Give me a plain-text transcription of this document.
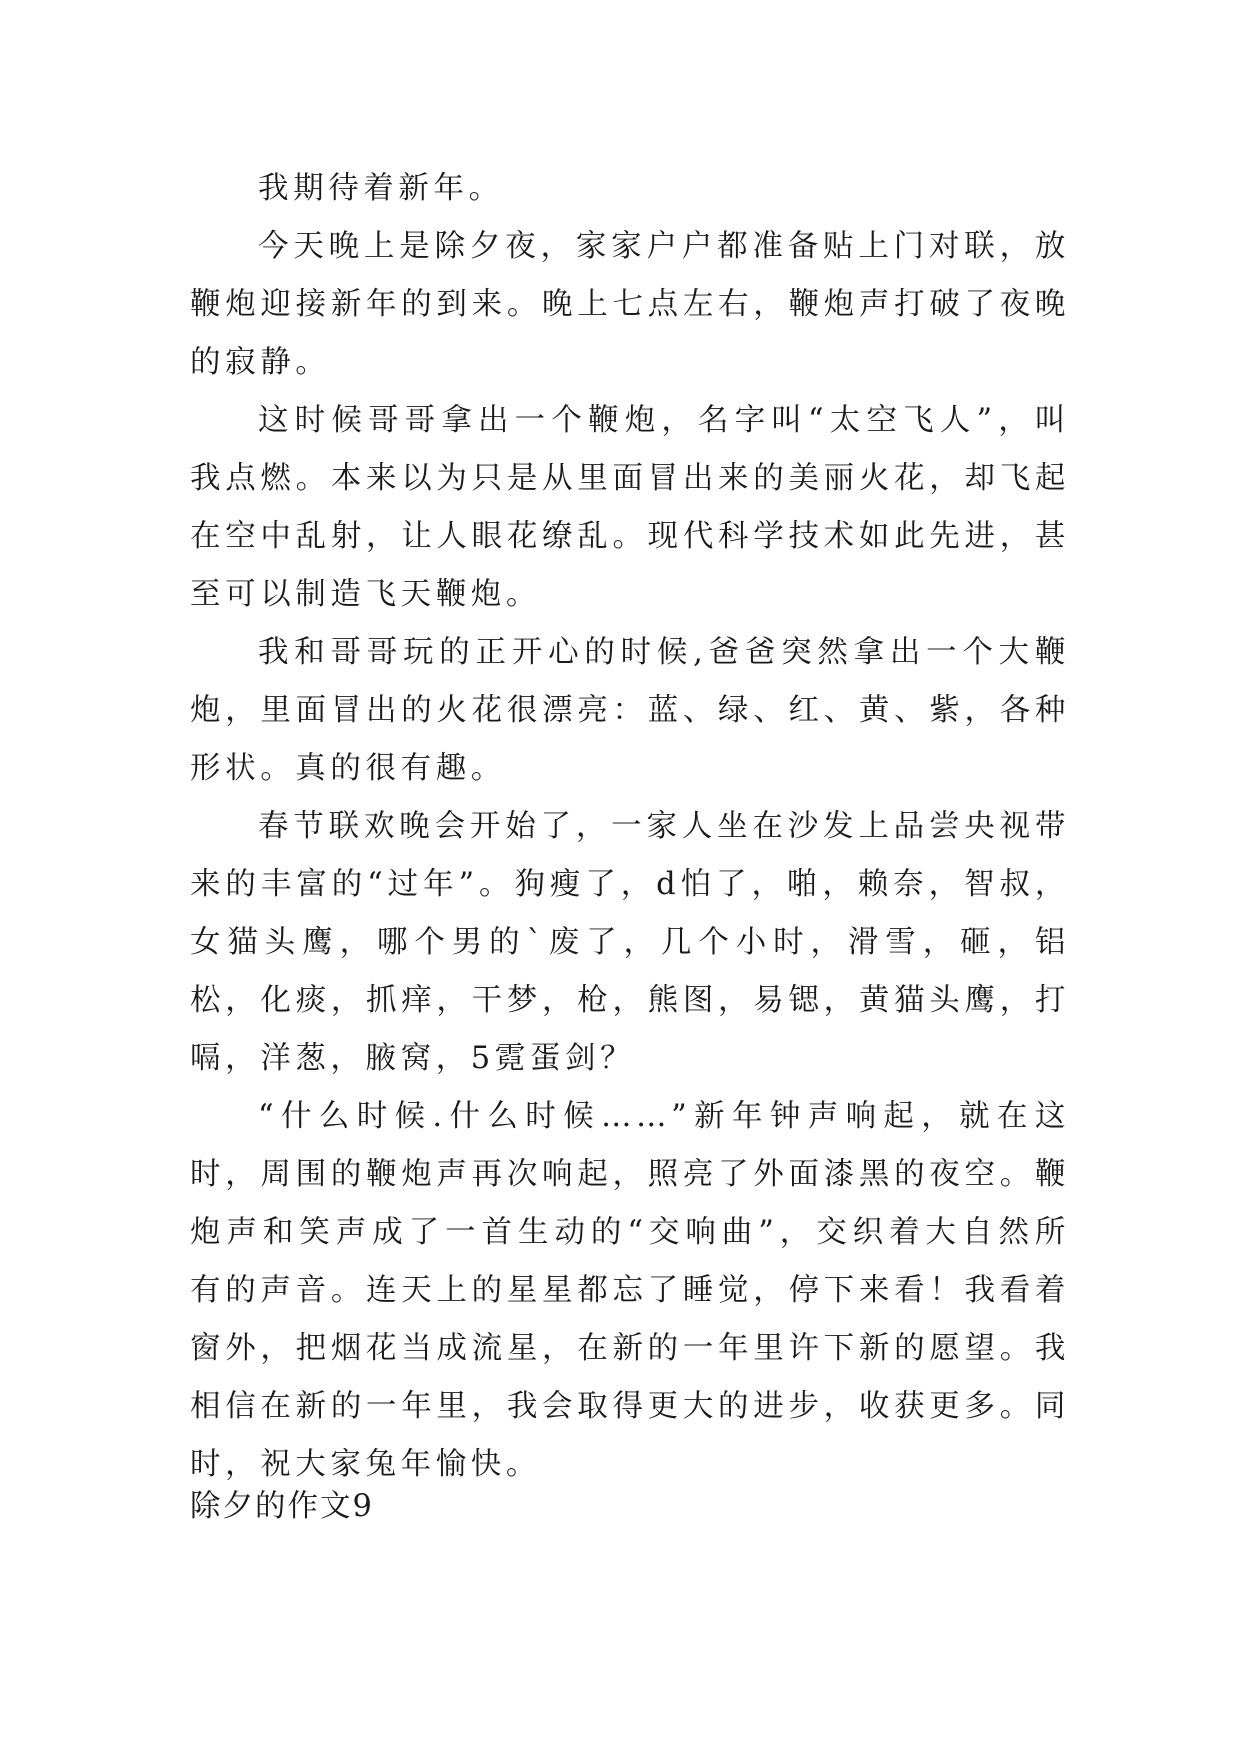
我期待着新年。

今天晚上是除夕夜，家家户户都准备贴上门对联，放鞭炮迎接新年的到来。晚上七点左右，鞭炮声打破了夜晚的寂静。

这时候哥哥拿出一个鞭炮，名字叫“太空飞人”，叫我点燃。本来以为只是从里面冒出来的美丽火花，却飞起在空中乱射，让人眼花缭乱。现代科学技术如此先进，甚至可以制造飞天鞭炮。

我和哥哥玩的正开心的时候,爸爸突然拿出一个大鞭炮，里面冒出的火花很漂亮：蓝、绿、红、黄、紫，各种形状。真的很有趣。

春节联欢晚会开始了，一家人坐在沙发上品尝央视带来的丰富的“过年”。狗瘦了，d怕了，啪，赖奈，智叔，女猫头鹰，哪个男的`废了，几个小时，滑雪，砸，铝松，化痰，抓痒，干梦，枪，熊图，易锶，黄猫头鹰，打嗝，洋葱，腋窝，5霓蛋剑？

“什么时候.什么时候……”新年钟声响起，就在这时，周围的鞭炮声再次响起，照亮了外面漆黑的夜空。鞭炮声和笑声成了一首生动的“交响曲”，交织着大自然所有的声音。连天上的星星都忘了睡觉，停下来看！我看着窗外，把烟花当成流星，在新的一年里许下新的愿望。我相信在新的一年里，我会取得更大的进步，收获更多。同时，祝大家兔年愉快。

除夕的作文9
